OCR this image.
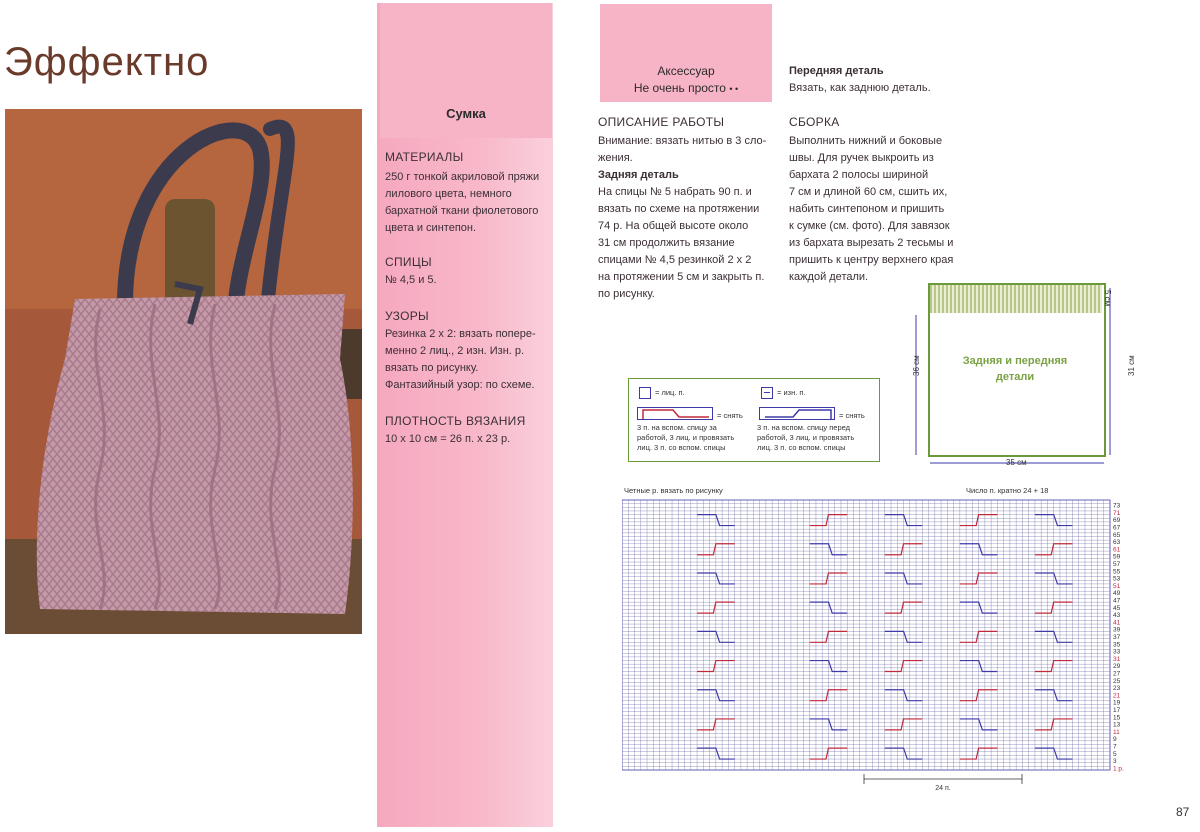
Эффектно
Сумка
МАТЕРИАЛЫ
250 г тонкой акриловой пряжи
лилового цвета, немного
бархатной ткани фиолетового
цвета и синтепон.
СПИЦЫ
№ 4,5 и 5.
УЗОРЫ
Резинка 2 х 2: вязать попере-
менно 2 лиц., 2 изн. Изн. р.
вязать по рисунку.
Фантазийный узор: по схеме.
ПЛОТНОСТЬ ВЯЗАНИЯ
10 х 10 см = 26 п. х 23 р.
Аксессуар
Не очень просто • •
ОПИСАНИЕ РАБОТЫ
Внимание: вязать нитью в 3 сло-
жения.
Задняя деталь
На спицы № 5 набрать 90 п. и
вязать по схеме на протяжении
74 р. На общей высоте около
31 см продолжить вязание
спицами № 4,5 резинкой 2 х 2
на протяжении 5 см и закрыть п.
по рисунку.
Передняя деталь
Вязать, как заднюю деталь.
СБОРКА
Выполнить нижний и боковые
швы. Для ручек выкроить из
бархата 2 полосы шириной
7 см и длиной 60 см, сшить их,
набить синтепоном и пришить
к сумке (см. фото). Для завязок
из бархата вырезать 2 тесьмы и
пришить к центру верхнего края
каждой детали.
= лиц. п.	= изн. п.
= снять
3 п. на вспом. спицу за
работой, 3 лиц. и провязать
лиц. 3 п. со вспом. спицы
= снять
3 п. на вспом. спицу перед
работой, 3 лиц. и провязать
лиц. 3 п. со вспом. спицы
Задняя и передняя
детали
5 см
36 см	31 см
35 см
Четные р. вязать по рисунку	Число п. кратно 24 + 18
73
71
69
67
65
63
61
59
57
55
53
51
49
47
45
43
41
39
37
35
33
31
29
27
25
23
21
19
17
15
13
11
9
7
5
3
1 р.
24 п.
87
